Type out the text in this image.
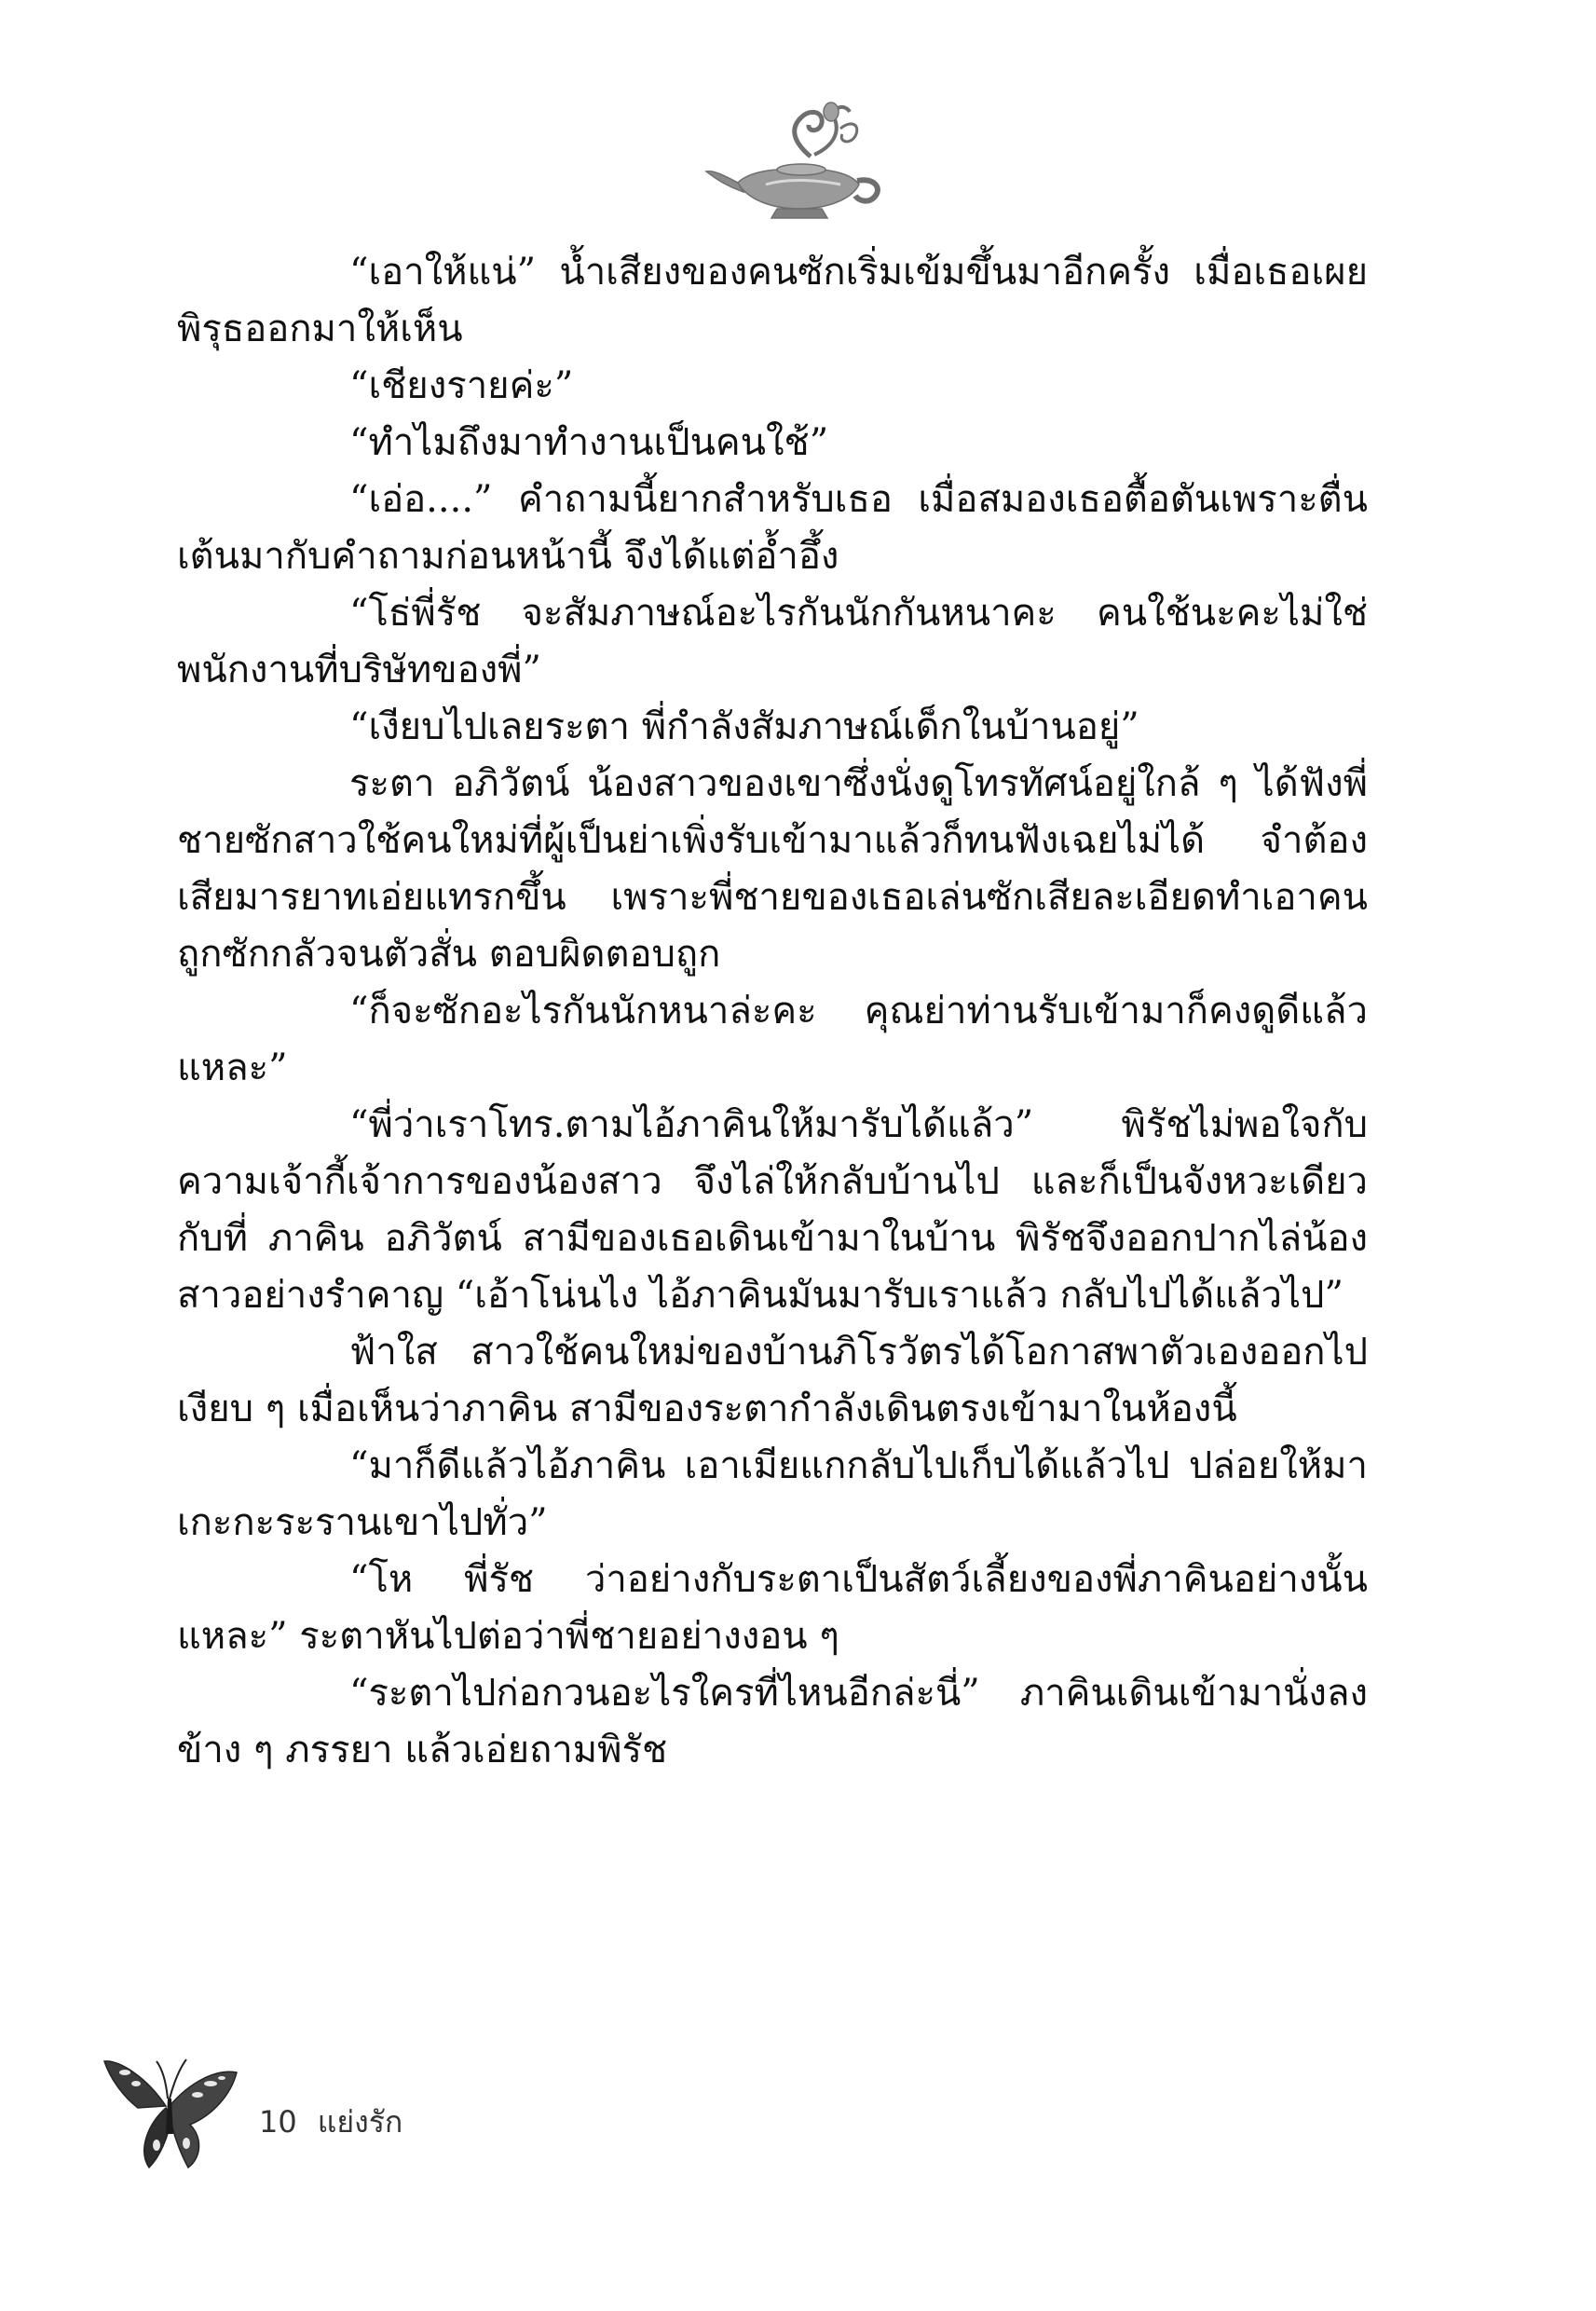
“เอาให้แน่” น้ำเสียงของคนซักเริ่มเข้มขึ้นมาอีกครั้ง เมื่อเธอเผยพิรุธออกมาให้เห็น

“เชียงรายค่ะ”

“ทำไมถึงมาทำงานเป็นคนใช้”

“เอ่อ....” คำถามนี้ยากสำหรับเธอ เมื่อสมองเธอตื้อตันเพราะตื่นเต้นมากับคำถามก่อนหน้านี้ จึงได้แต่อ้ำอึ้ง

“โธ่พี่รัช จะสัมภาษณ์อะไรกันนักกันหนาคะ คนใช้นะคะไม่ใช่พนักงานที่บริษัทของพี่”

“เงียบไปเลยระตา พี่กำลังสัมภาษณ์เด็กในบ้านอยู่”

ระตา อภิวัตน์ น้องสาวของเขาซึ่งนั่งดูโทรทัศน์อยู่ใกล้ ๆ ได้ฟังพี่ชายซักสาวใช้คนใหม่ที่ผู้เป็นย่าเพิ่งรับเข้ามาแล้วก็ทนฟังเฉยไม่ได้ จำต้องเสียมารยาทเอ่ยแทรกขึ้น เพราะพี่ชายของเธอเล่นซักเสียละเอียดทำเอาคนถูกซักกลัวจนตัวสั่น ตอบผิดตอบถูก

“ก็จะซักอะไรกันนักหนาล่ะคะ คุณย่าท่านรับเข้ามาก็คงดูดีแล้วแหละ”

“พี่ว่าเราโทร.ตามไอ้ภาคินให้มารับได้แล้ว” พิรัชไม่พอใจกับความเจ้ากี้เจ้าการของน้องสาว จึงไล่ให้กลับบ้านไป และก็เป็นจังหวะเดียวกับที่ ภาคิน อภิวัตน์ สามีของเธอเดินเข้ามาในบ้าน พิรัชจึงออกปากไล่น้องสาวอย่างรำคาญ “เอ้าโน่นไง ไอ้ภาคินมันมารับเราแล้ว กลับไปได้แล้วไป”

ฟ้าใส สาวใช้คนใหม่ของบ้านภิโรวัตรได้โอกาสพาตัวเองออกไปเงียบ ๆ เมื่อเห็นว่าภาคิน สามีของระตากำลังเดินตรงเข้ามาในห้องนี้

“มาก็ดีแล้วไอ้ภาคิน เอาเมียแกกลับไปเก็บได้แล้วไป ปล่อยให้มาเกะกะระรานเขาไปทั่ว”

“โห พี่รัช ว่าอย่างกับระตาเป็นสัตว์เลี้ยงของพี่ภาคินอย่างนั้นแหละ” ระตาหันไปต่อว่าพี่ชายอย่างงอน ๆ

“ระตาไปก่อกวนอะไรใครที่ไหนอีกล่ะนี่” ภาคินเดินเข้ามานั่งลงข้าง ๆ ภรรยา แล้วเอ่ยถามพิรัช

10 แย่งรัก
